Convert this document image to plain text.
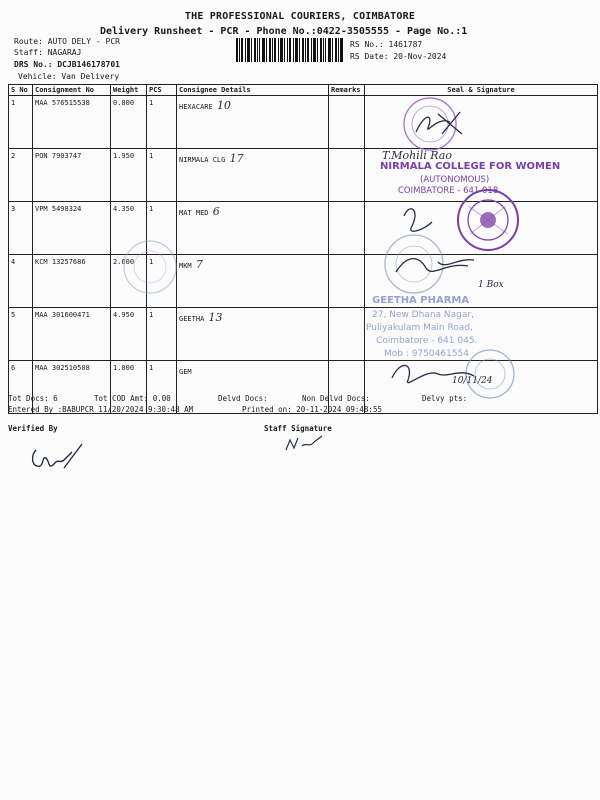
THE PROFESSIONAL COURIERS, COIMBATORE
Delivery Runsheet - PCR - Phone No.:0422-3505555 - Page No.:1
Route: AUTO DELY - PCR
Staff: NAGARAJ
DRS No.: DCJB146178701
Vehicle: Van Delivery
RS No.: 1461787
RS Date: 20-Nov-2024
S No	Consignment No	Weight	PCS	Consignee Details	Remarks	Seal & Signature
1	MAA 576515538	0.800	1	HEXACARE 10		
2	PON 7903747	1.950	1	NIRMALA CLG 17		
3	VPM 5498324	4.350	1	MAT MED 6		
4	KCM 13257686	2.600	1	MKM 7		
5	MAA 301600471	4.950	1	GEETHA 13		
6	MAA 302510508	1.000	1	GEM		
T.Mohili Rao
NIRMALA COLLEGE FOR WOMEN
(AUTONOMOUS)
COIMBATORE - 641 018.
1 Box
GEETHA PHARMA
27, New Dhana Nagar,
Puliyakulam Main Road,
Coimbatore - 641 045.
Mob : 9750461554
10/11/24
Tot Docs: 6	Tot COD Amt: 0.00	Delvd Docs:	Non Delvd Docs:	Delvy pts:
Entered By :BABUPCR 11/20/2024 9:30:48 AM	Printed on: 20-11-2024 09:48:55
Verified By	Staff Signature
